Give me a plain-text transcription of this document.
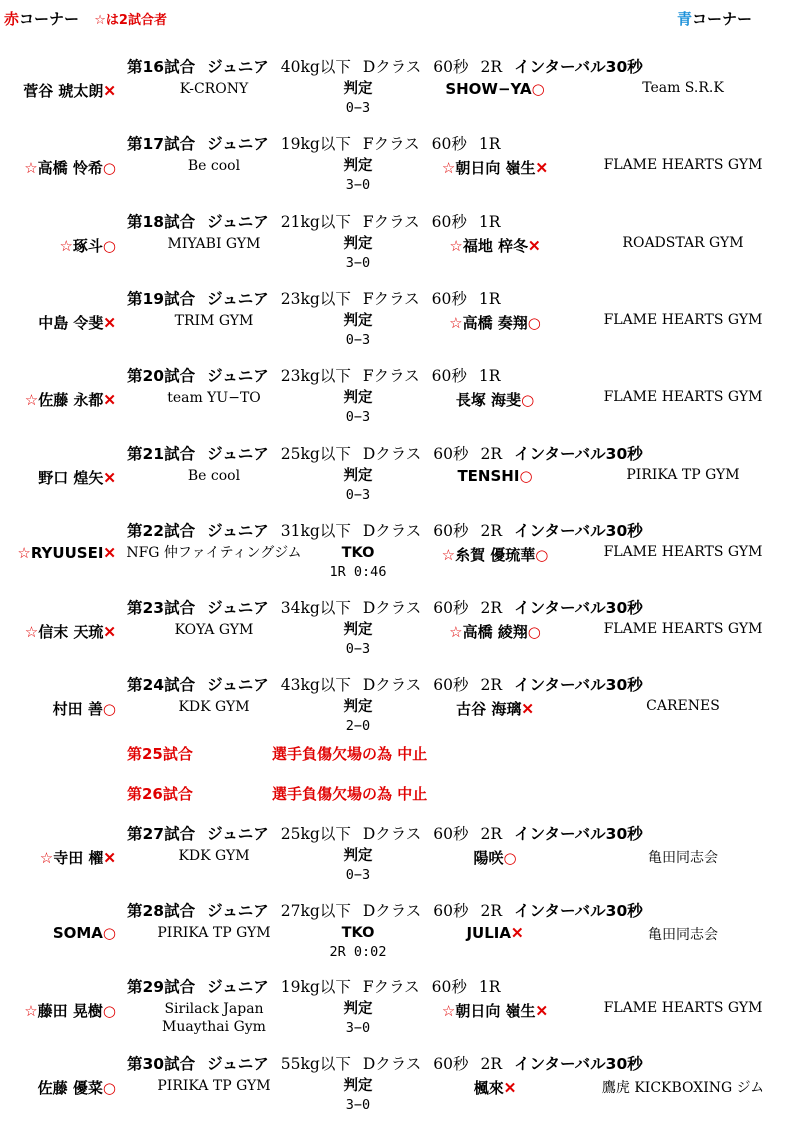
赤コーナー ☆は2試合者	青コーナー
第16試合 ジュニア 40kg以下 Dクラス 60秒 2R インターバル30秒
菅谷 琥太朗✕	K-CRONY	判定
0−3
SHOW−YA○	Team S.R.K
第17試合 ジュニア 19kg以下 Fクラス 60秒 1R
☆高橋 怜希○	Be cool	判定
3−0
☆朝日向 嶺生✕	FLAME HEARTS GYM
第18試合 ジュニア 21kg以下 Fクラス 60秒 1R
☆琢斗○	MIYABI GYM	判定
3−0
☆福地 梓冬✕	ROADSTAR GYM
第19試合 ジュニア 23kg以下 Fクラス 60秒 1R
中島 令斐✕	TRIM GYM	判定
0−3
☆高橋 奏翔○	FLAME HEARTS GYM
第20試合 ジュニア 23kg以下 Fクラス 60秒 1R
☆佐藤 永都✕	team YU−TO	判定
0−3
長塚 海斐○	FLAME HEARTS GYM
第21試合 ジュニア 25kg以下 Dクラス 60秒 2R インターバル30秒
野口 煌矢✕	Be cool	判定
0−3
TENSHI○	PIRIKA TP GYM
第22試合 ジュニア 31kg以下 Dクラス 60秒 2R インターバル30秒
☆RYUUSEI✕ NFG 仲ファイティングジム	TKO
1R 0:46
☆糸賀 優琉華○	FLAME HEARTS GYM
第23試合 ジュニア 34kg以下 Dクラス 60秒 2R インターバル30秒
☆信末 天琉✕	KOYA GYM	判定
0−3
☆高橋 綾翔○	FLAME HEARTS GYM
第24試合 ジュニア 43kg以下 Dクラス 60秒 2R インターバル30秒
村田 善○	KDK GYM	判定
2−0
古谷 海璃✕	CARENES
第25試合	選手負傷欠場の為 中止
第26試合	選手負傷欠場の為 中止
第27試合 ジュニア 25kg以下 Dクラス 60秒 2R インターバル30秒
☆寺田 櫂✕	KDK GYM	判定
0−3
陽咲○	亀田同志会
第28試合 ジュニア 27kg以下 Dクラス 60秒 2R インターバル30秒
SOMA○	PIRIKA TP GYM	TKO
2R 0:02
JULIA✕	亀田同志会
第29試合 ジュニア 19kg以下 Fクラス 60秒 1R
☆藤田 晃樹○	Sirilack Japan
Muaythai Gym
判定
3−0
☆朝日向 嶺生✕	FLAME HEARTS GYM
第30試合 ジュニア 55kg以下 Dクラス 60秒 2R インターバル30秒
佐藤 優菜○	PIRIKA TP GYM	判定
3−0
楓來✕	鷹虎 KICKBOXING ジム
